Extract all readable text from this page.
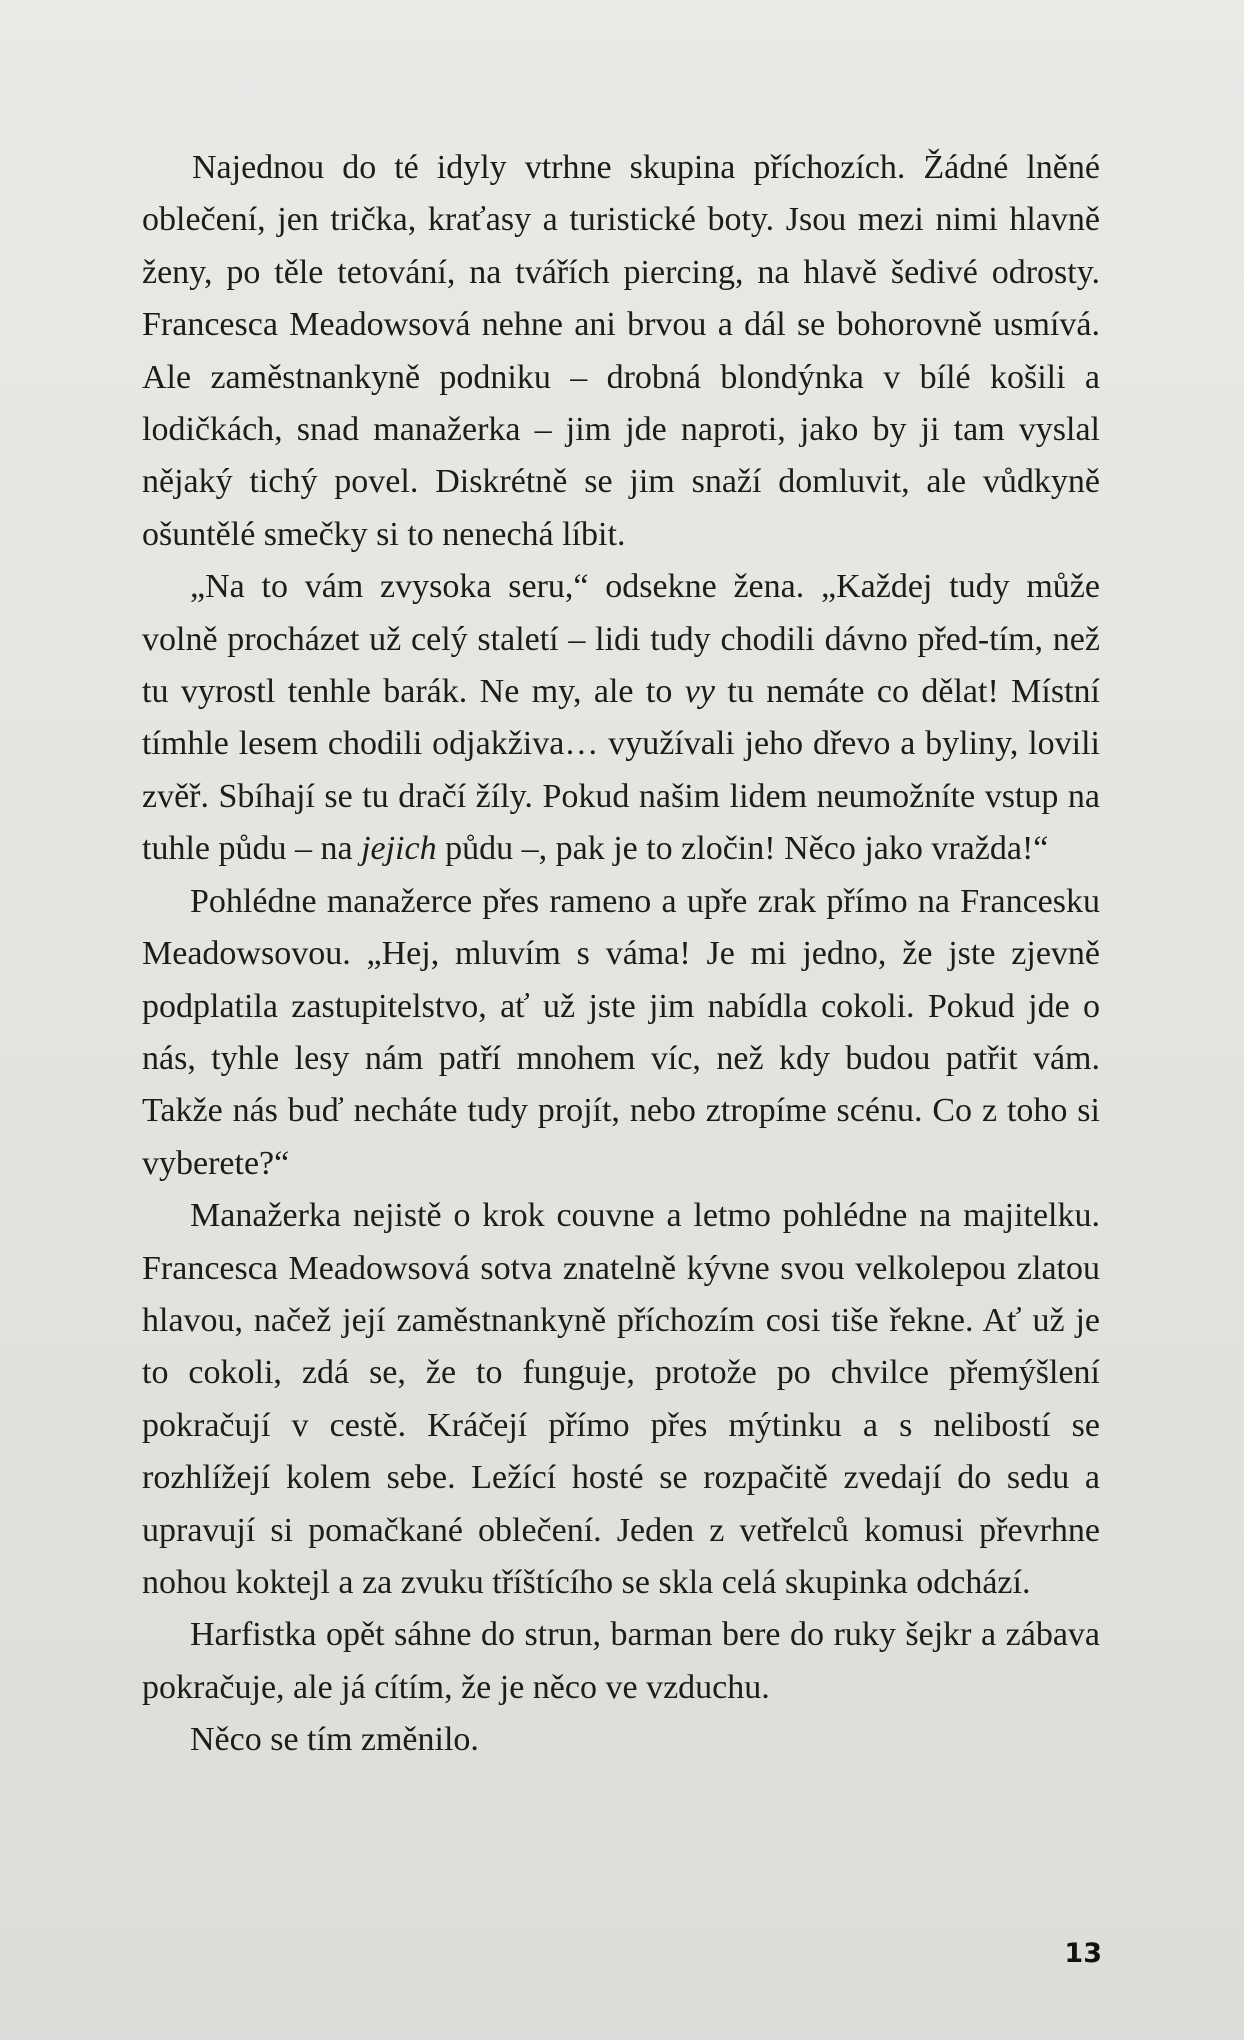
Najednou do té idyly vtrhne skupina příchozích. Žádné lněné oblečení, jen trička, kraťasy a turistické boty. Jsou mezi nimi hlavně ženy, po těle tetování, na tvářích piercing, na hlavě šedivé odrosty. Francesca Meadowsová nehne ani brvou a dál se bohorovně usmívá. Ale zaměstnankyně podniku – drobná blondýnka v bílé košili a lodičkách, snad manažerka – jim jde naproti, jako by ji tam vyslal nějaký tichý povel. Diskrétně se jim snaží domluvit, ale vůdkyně ošuntělé smečky si to nenechá líbit.

„Na to vám zvysoka seru,“ odsekne žena. „Každej tudy může volně procházet už celý staletí – lidi tudy chodili dávno před-tím, než tu vyrostl tenhle barák. Ne my, ale to vy tu nemáte co dělat! Místní tímhle lesem chodili odjakživa… využívali jeho dřevo a byliny, lovili zvěř. Sbíhají se tu dračí žíly. Pokud našim lidem neumožníte vstup na tuhle půdu – na jejich půdu –, pak je to zločin! Něco jako vražda!“

Pohlédne manažerce přes rameno a upře zrak přímo na Francesku Meadowsovou. „Hej, mluvím s váma! Je mi jedno, že jste zjevně podplatila zastupitelstvo, ať už jste jim nabídla cokoli. Pokud jde o nás, tyhle lesy nám patří mnohem víc, než kdy budou patřit vám. Takže nás buď necháte tudy projít, nebo ztropíme scénu. Co z toho si vyberete?“

Manažerka nejistě o krok couvne a letmo pohlédne na majitelku. Francesca Meadowsová sotva znatelně kývne svou velkolepou zlatou hlavou, načež její zaměstnankyně příchozím cosi tiše řekne. Ať už je to cokoli, zdá se, že to funguje, protože po chvilce přemýšlení pokračují v cestě. Kráčejí přímo přes mýtinku a s nelibostí se rozhlížejí kolem sebe. Ležící hosté se rozpačitě zvedají do sedu a upravují si pomačkané oblečení. Jeden z vetřelců komusi převrhne nohou koktejl a za zvuku tříštícího se skla celá skupinka odchází.

Harfistka opět sáhne do strun, barman bere do ruky šejkr a zábava pokračuje, ale já cítím, že je něco ve vzduchu.

Něco se tím změnilo.

13
